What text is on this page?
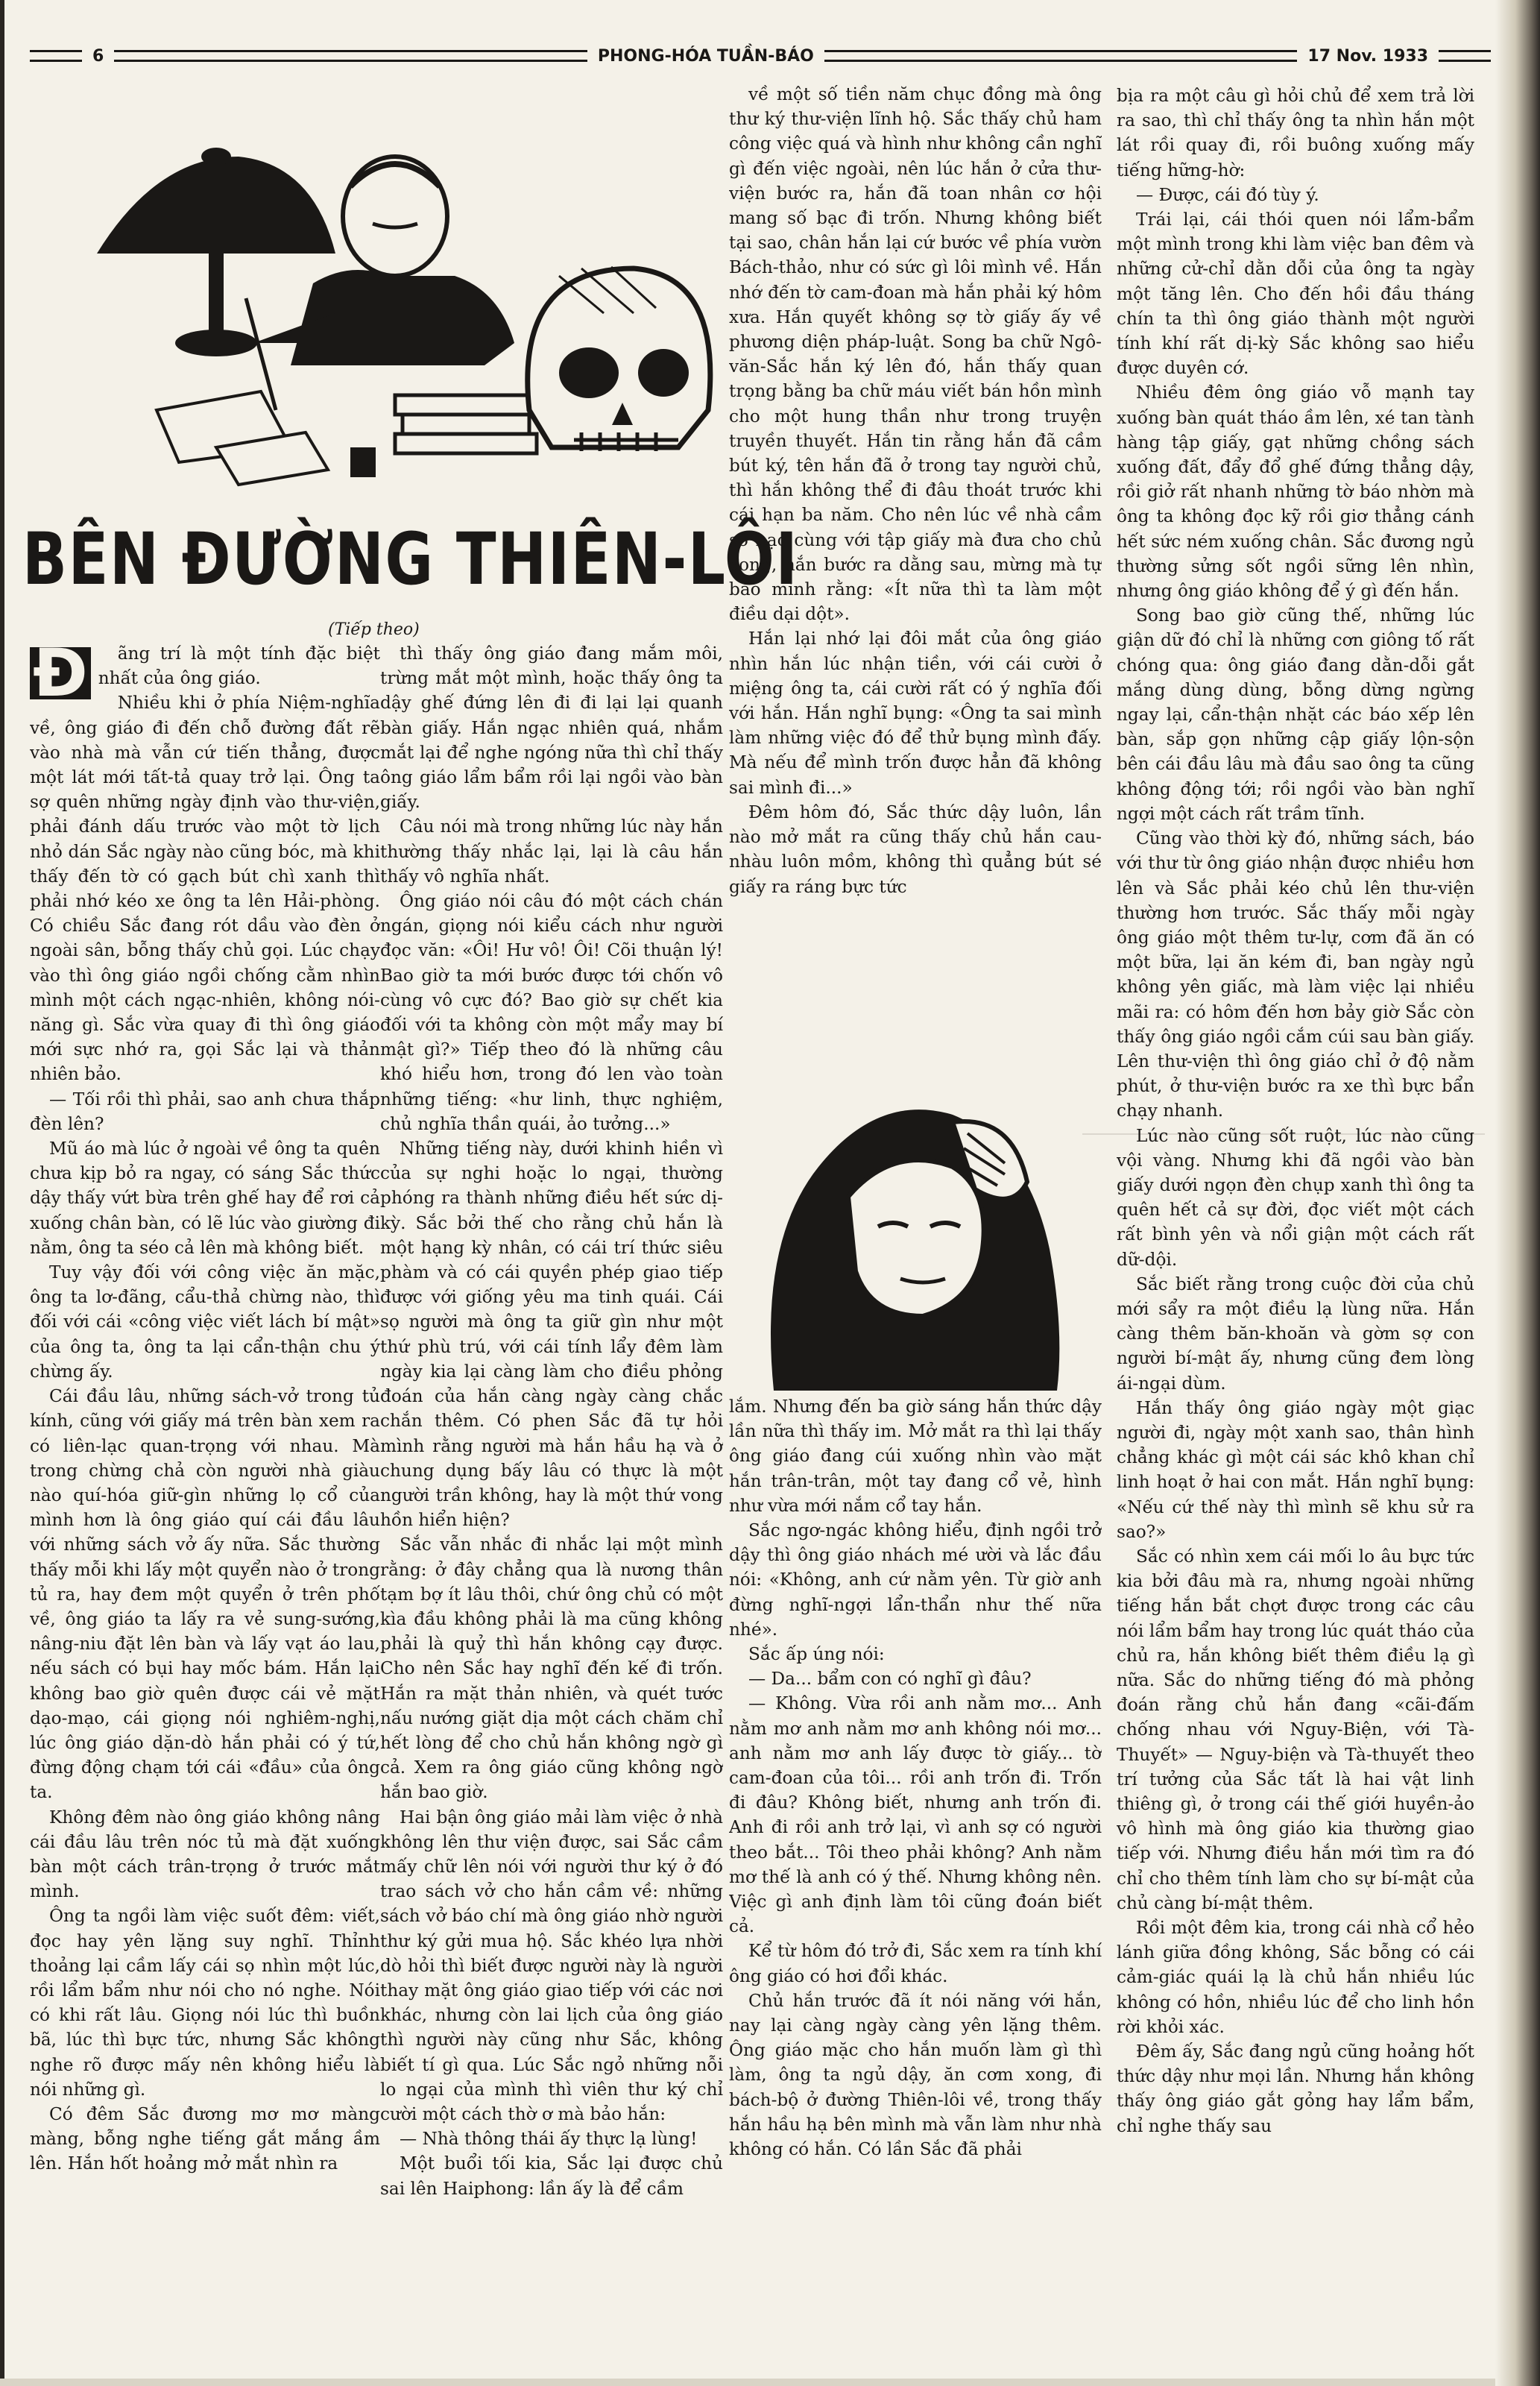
6	PHONG-HÓA TUẦN-BÁO	17 Nov. 1933
BÊN ĐƯỜNG THIÊN-LÔI
(Tiếp theo)

Đ ãng trí là một tính đặc biệt nhất của ông giáo.

Nhiều khi ở phía Niệm-nghĩa về, ông giáo đi đến chỗ đường đất rẽ vào nhà mà vẫn cứ tiến thẳng, được một lát mới tất-tả quay trở lại. Ông ta sợ quên những ngày định vào thư-viện, phải đánh dấu trước vào một tờ lịch nhỏ dán Sắc ngày nào cũng bóc, mà khi thấy đến tờ có gạch bút chì xanh thì phải nhớ kéo xe ông ta lên Hải-phòng. Có chiều Sắc đang rót dầu vào đèn ở ngoài sân, bỗng thấy chủ gọi. Lúc chạy vào thì ông giáo ngồi chống cằm nhìn mình một cách ngạc-nhiên, không nói-năng gì. Sắc vừa quay đi thì ông giáo mới sực nhớ ra, gọi Sắc lại và thản nhiên bảo.

— Tối rồi thì phải, sao anh chưa thắp đèn lên?

Mũ áo mà lúc ở ngoài về ông ta quên chưa kịp bỏ ra ngay, có sáng Sắc thức dậy thấy vứt bừa trên ghế hay để rơi cả xuống chân bàn, có lẽ lúc vào giường đi nằm, ông ta séo cả lên mà không biết.

Tuy vậy đối với công việc ăn mặc, ông ta lơ-đãng, cẩu-thả chừng nào, thì đối với cái «công việc viết lách bí mật» của ông ta, ông ta lại cẩn-thận chu ý chừng ấy.

Cái đầu lâu, những sách-vở trong tủ kính, cũng với giấy má trên bàn xem ra có liên-lạc quan-trọng với nhau. Mà trong chừng chả còn người nhà giàu nào quí-hóa giữ-gìn những lọ cổ của mình hơn là ông giáo quí cái đầu lâu với những sách vở ấy nữa. Sắc thường thấy mỗi khi lấy một quyển nào ở trong tủ ra, hay đem một quyển ở trên phố về, ông giáo ta lấy ra vẻ sung-sướng, nâng-niu đặt lên bàn và lấy vạt áo lau, nếu sách có bụi hay mốc bám. Hắn lại không bao giờ quên được cái vẻ mặt dạo-mạo, cái giọng nói nghiêm-nghị, lúc ông giáo dặn-dò hắn phải có ý tứ, đừng động chạm tới cái «đầu» của ông ta.

Không đêm nào ông giáo không nâng cái đầu lâu trên nóc tủ mà đặt xuống bàn một cách trân-trọng ở trước mắt mình.

Ông ta ngồi làm việc suốt đêm: viết, đọc hay yên lặng suy nghĩ. Thỉnh thoảng lại cầm lấy cái sọ nhìn một lúc, rồi lẩm bẩm như nói cho nó nghe. Nói có khi rất lâu. Giọng nói lúc thì buồn bã, lúc thì bực tức, nhưng Sắc không nghe rõ được mấy nên không hiểu là nói những gì.

Có đêm Sắc đương mơ mơ màng màng, bỗng nghe tiếng gắt mắng ầm lên. Hắn hốt hoảng mở mắt nhìn ra

thì thấy ông giáo đang mắm môi, trừng mắt một mình, hoặc thấy ông ta dậy ghế đứng lên đi đi lại lại quanh bàn giấy. Hắn ngạc nhiên quá, nhắm mắt lại để nghe ngóng nữa thì chỉ thấy ông giáo lẩm bẩm rồi lại ngồi vào bàn giấy.

Câu nói mà trong những lúc này hắn thường thấy nhắc lại, lại là câu hắn thấy vô nghĩa nhất.

Ông giáo nói câu đó một cách chán ngán, giọng nói kiểu cách như người đọc văn: «Ôi! Hư vô! Ôi! Cõi thuận lý! Bao giờ ta mới bước được tới chốn vô cùng vô cực đó? Bao giờ sự chết kia đối với ta không còn một mẩy may bí mật gì?» Tiếp theo đó là những câu khó hiểu hơn, trong đó len vào toàn những tiếng: «hư linh, thực nghiệm, chủ nghĩa thần quái, ảo tưởng...»

Những tiếng này, dưới khinh hiền vì của sự nghi hoặc lo ngại, thường phóng ra thành những điều hết sức dị-kỳ. Sắc bởi thế cho rằng chủ hắn là một hạng kỳ nhân, có cái trí thức siêu phàm và có cái quyền phép giao tiếp được với giống yêu ma tinh quái. Cái sọ người mà ông ta giữ gìn như một thứ phù trú, với cái tính lẩy đêm làm ngày kia lại càng làm cho điều phỏng đoán của hắn càng ngày càng chắc chắn thêm. Có phen Sắc đã tự hỏi mình rằng người mà hắn hầu hạ và ở chung dụng bấy lâu có thực là một người trần không, hay là một thứ vong hồn hiển hiện?

Sắc vẫn nhắc đi nhắc lại một mình rằng: ở đây chẳng qua là nương thân tạm bợ ít lâu thôi, chứ ông chủ có một kìa đầu không phải là ma cũng không phải là quỷ thì hắn không cạy được. Cho nên Sắc hay nghĩ đến kế đi trốn. Hắn ra mặt thản nhiên, và quét tước nấu nướng giặt dịa một cách chăm chỉ hết lòng để cho chủ hắn không ngờ gì cả. Xem ra ông giáo cũng không ngờ hắn bao giờ.

Hai bận ông giáo mải làm việc ở nhà không lên thư viện được, sai Sắc cầm mấy chữ lên nói với người thư ký ở đó trao sách vở cho hắn cầm về: những sách vở báo chí mà ông giáo nhờ người thư ký gửi mua hộ. Sắc khéo lựa nhời dò hỏi thì biết được người này là người thay mặt ông giáo giao tiếp với các nơi khác, nhưng còn lai lịch của ông giáo thì người này cũng như Sắc, không biết tí gì qua. Lúc Sắc ngỏ những nỗi lo ngại của mình thì viên thư ký chỉ cười một cách thờ ơ mà bảo hắn:

— Nhà thông thái ấy thực lạ lùng!

Một buổi tối kia, Sắc lại được chủ sai lên Haiphong: lần ấy là để cầm

về một số tiền năm chục đồng mà ông thư ký thư-viện lĩnh hộ. Sắc thấy chủ ham công việc quá và hình như không cần nghĩ gì đến việc ngoài, nên lúc hắn ở cửa thư-viện bước ra, hắn đã toan nhân cơ hội mang số bạc đi trốn. Nhưng không biết tại sao, chân hắn lại cứ bước về phía vườn Bách-thảo, như có sức gì lôi mình về. Hắn nhớ đến tờ cam-đoan mà hắn phải ký hôm xưa. Hắn quyết không sợ tờ giấy ấy về phương diện pháp-luật. Song ba chữ Ngô-văn-Sắc hắn ký lên đó, hắn thấy quan trọng bằng ba chữ máu viết bán hồn mình cho một hung thần như trong truyện truyền thuyết. Hắn tin rằng hắn đã cầm bút ký, tên hắn đã ở trong tay người chủ, thì hắn không thể đi đâu thoát trước khi cái hạn ba năm. Cho nên lúc về nhà cầm số bạc cùng với tập giấy mà đưa cho chủ xong, hắn bước ra dằng sau, mừng mà tự bảo mình rằng: «Ít nữa thì ta làm một điều dại dột».

Hắn lại nhớ lại đôi mắt của ông giáo nhìn hắn lúc nhận tiền, với cái cười ở miệng ông ta, cái cười rất có ý nghĩa đối với hắn. Hắn nghĩ bụng: «Ông ta sai mình làm những việc đó để thử bụng mình đấy. Mà nếu để mình trốn được hẳn đã không sai mình đi...»

Đêm hôm đó, Sắc thức dậy luôn, lần nào mở mắt ra cũng thấy chủ hắn cau-nhàu luôn mồm, không thì quẳng bút sé giấy ra ráng bực tức

lắm. Nhưng đến ba giờ sáng hắn thức dậy lần nữa thì thấy im. Mở mắt ra thì lại thấy ông giáo đang cúi xuống nhìn vào mặt hắn trân-trân, một tay đang cổ vẻ, hình như vừa mới nắm cổ tay hắn.

Sắc ngơ-ngác không hiểu, định ngồi trở dậy thì ông giáo nhách mé ười và lắc đầu nói: «Không, anh cứ nằm yên. Từ giờ anh đừng nghĩ-ngợi lẩn-thẩn như thế nữa nhé».

Sắc ấp úng nói:

— Da... bẩm con có nghĩ gì đâu?

— Không. Vừa rồi anh nằm mơ... Anh nằm mơ anh nằm mơ anh không nói mơ... anh nằm mơ anh lấy được tờ giấy... tờ cam-đoan của tôi... rồi anh trốn đi. Trốn đi đâu? Không biết, nhưng anh trốn đi. Anh đi rồi anh trở lại, vì anh sợ có người theo bắt... Tôi theo phải không? Anh nằm mơ thế là anh có ý thế. Nhưng không nên. Việc gì anh định làm tôi cũng đoán biết cả.

Kể từ hôm đó trở đi, Sắc xem ra tính khí ông giáo có hơi đổi khác.

Chủ hắn trước đã ít nói năng với hắn, nay lại càng ngày càng yên lặng thêm. Ông giáo mặc cho hắn muốn làm gì thì làm, ông ta ngủ dậy, ăn cơm xong, đi bách-bộ ở đường Thiên-lôi về, trong thấy hắn hầu hạ bên mình mà vẫn làm như nhà không có hắn. Có lần Sắc đã phải

bịa ra một câu gì hỏi chủ để xem trả lời ra sao, thì chỉ thấy ông ta nhìn hắn một lát rồi quay đi, rồi buông xuống mấy tiếng hững-hờ:

— Được, cái đó tùy ý.

Trái lại, cái thói quen nói lẩm-bẩm một mình trong khi làm việc ban đêm và những cử-chỉ dằn dỗi của ông ta ngày một tăng lên. Cho đến hồi đầu tháng chín ta thì ông giáo thành một người tính khí rất dị-kỳ Sắc không sao hiểu được duyên cớ.

Nhiều đêm ông giáo vỗ mạnh tay xuống bàn quát tháo ầm lên, xé tan tành hàng tập giấy, gạt những chồng sách xuống đất, đẩy đổ ghế đứng thẳng dậy, rồi giở rất nhanh những tờ báo nhờn mà ông ta không đọc kỹ rồi giơ thẳng cánh hết sức ném xuống chân. Sắc đương ngủ thường sửng sốt ngồi sững lên nhìn, nhưng ông giáo không để ý gì đến hắn.

Song bao giờ cũng thế, những lúc giận dữ đó chỉ là những cơn giông tố rất chóng qua: ông giáo đang dằn-dỗi gắt mắng dùng dùng, bỗng dừng ngừng ngay lại, cẩn-thận nhặt các báo xếp lên bàn, sắp gọn những cập giấy lộn-sộn bên cái đầu lâu mà đầu sao ông ta cũng không động tới; rồi ngồi vào bàn nghĩ ngợi một cách rất trầm tĩnh.

Cũng vào thời kỳ đó, những sách, báo với thư từ ông giáo nhận được nhiều hơn lên và Sắc phải kéo chủ lên thư-viện thường hơn trước. Sắc thấy mỗi ngày ông giáo một thêm tư-lự, cơm đã ăn có một bữa, lại ăn kém đi, ban ngày ngủ không yên giấc, mà làm việc lại nhiều mãi ra: có hôm đến hơn bảy giờ Sắc còn thấy ông giáo ngồi cắm cúi sau bàn giấy. Lên thư-viện thì ông giáo chỉ ở độ nằm phút, ở thư-viện bước ra xe thì bực bẩn chạy nhanh.

Lúc nào cũng sốt ruột, lúc nào cũng vội vàng. Nhưng khi đã ngồi vào bàn giấy dưới ngọn đèn chụp xanh thì ông ta quên hết cả sự đời, đọc viết một cách rất bình yên và nổi giận một cách rất dữ-dội.

Sắc biết rằng trong cuộc đời của chủ mới sẩy ra một điều lạ lùng nữa. Hắn càng thêm băn-khoăn và gờm sợ con người bí-mật ấy, nhưng cũng đem lòng ái-ngại dùm.

Hắn thấy ông giáo ngày một giạc người đi, ngày một xanh sao, thân hình chẳng khác gì một cái sác khô khan chỉ linh hoạt ở hai con mắt. Hắn nghĩ bụng: «Nếu cứ thế này thì mình sẽ khu sử ra sao?»

Sắc có nhìn xem cái mối lo âu bực tức kia bởi đâu mà ra, nhưng ngoài những tiếng hắn bắt chợt được trong các câu nói lẩm bẩm hay trong lúc quát tháo của chủ ra, hắn không biết thêm điều lạ gì nữa. Sắc do những tiếng đó mà phỏng đoán rằng chủ hắn đang «cãi-đấm chống nhau với Nguy-Biện, với Tà-Thuyết» — Nguy-biện và Tà-thuyết theo trí tưởng của Sắc tất là hai vật linh thiêng gì, ở trong cái thế giới huyền-ảo vô hình mà ông giáo kia thường giao tiếp với. Nhưng điều hắn mới tìm ra đó chỉ cho thêm tính làm cho sự bí-mật của chủ càng bí-mật thêm.

Rồi một đêm kia, trong cái nhà cổ hẻo lánh giữa đồng không, Sắc bỗng có cái cảm-giác quái lạ là chủ hắn nhiều lúc không có hồn, nhiều lúc để cho linh hồn rời khỏi xác.

Đêm ấy, Sắc đang ngủ cũng hoảng hốt thức dậy như mọi lần. Nhưng hắn không thấy ông giáo gắt gỏng hay lẩm bẩm, chỉ nghe thấy sau
